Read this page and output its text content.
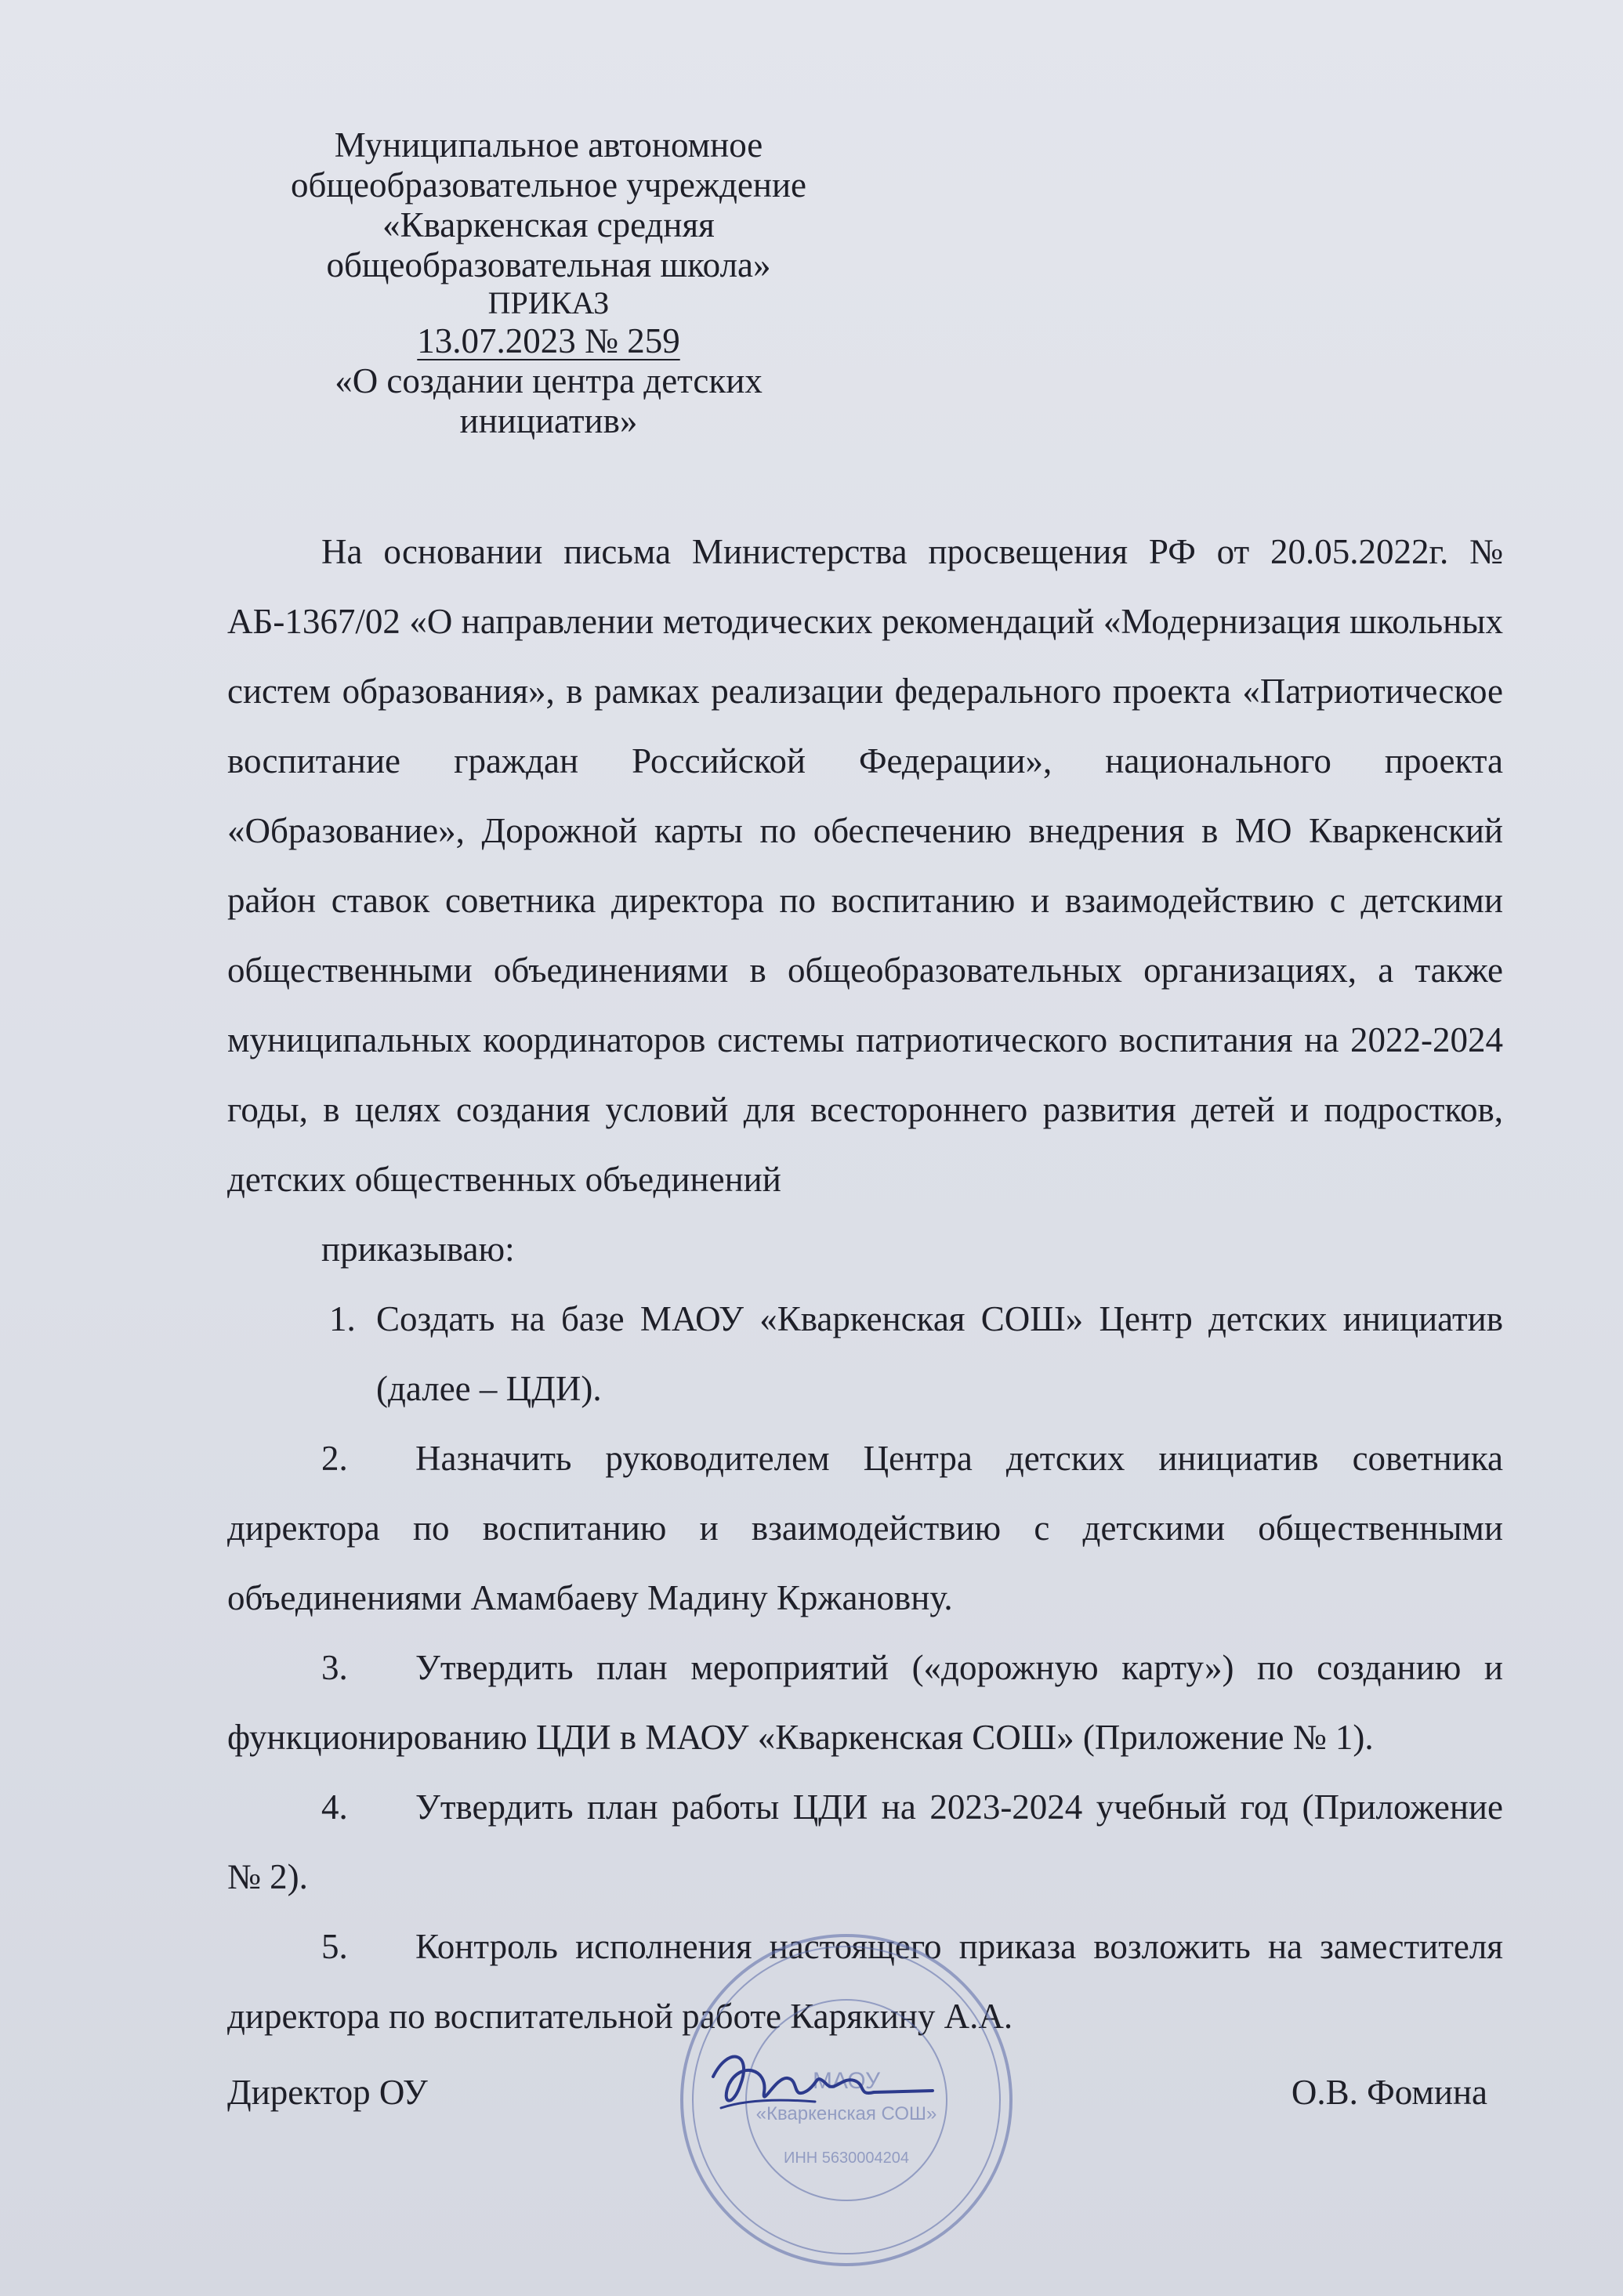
Муниципальное автономное
общеобразовательное учреждение
«Кваркенская средняя
общеобразовательная школа»
ПРИКАЗ
13.07.2023 № 259
«О создании центра детских
инициатив»

На основании письма Министерства просвещения РФ от 20.05.2022г. № АБ-1367/02 «О направлении методических рекомендаций «Модернизация школьных систем образования», в рамках реализации федерального проекта «Патриотическое воспитание граждан Российской Федерации», национального проекта «Образование», Дорожной карты по обеспечению внедрения в МО Кваркенский район ставок советника директора по воспитанию и взаимодействию с детскими общественными объединениями в общеобразовательных организациях, а также муниципальных координаторов системы патриотического воспитания на 2022-2024 годы, в целях создания условий для всестороннего развития детей и подростков, детских общественных объединений

приказываю:

1. Создать на базе МАОУ «Кваркенская СОШ» Центр детских инициатив (далее – ЦДИ).

2. Назначить руководителем Центра детских инициатив советника директора по воспитанию и взаимодействию с детскими общественными объединениями Амамбаеву Мадину Кржановну.

3. Утвердить план мероприятий («дорожную карту») по созданию и функционированию ЦДИ в МАОУ «Кваркенская СОШ» (Приложение № 1).

4. Утвердить план работы ЦДИ на 2023-2024 учебный год (Приложение № 2).

5. Контроль исполнения настоящего приказа возложить на заместителя директора по воспитательной работе Карякину А.А.

МАОУ
«Кваркенская СОШ»
ИНН 5630004204
Директор ОУ	О.В. Фомина
